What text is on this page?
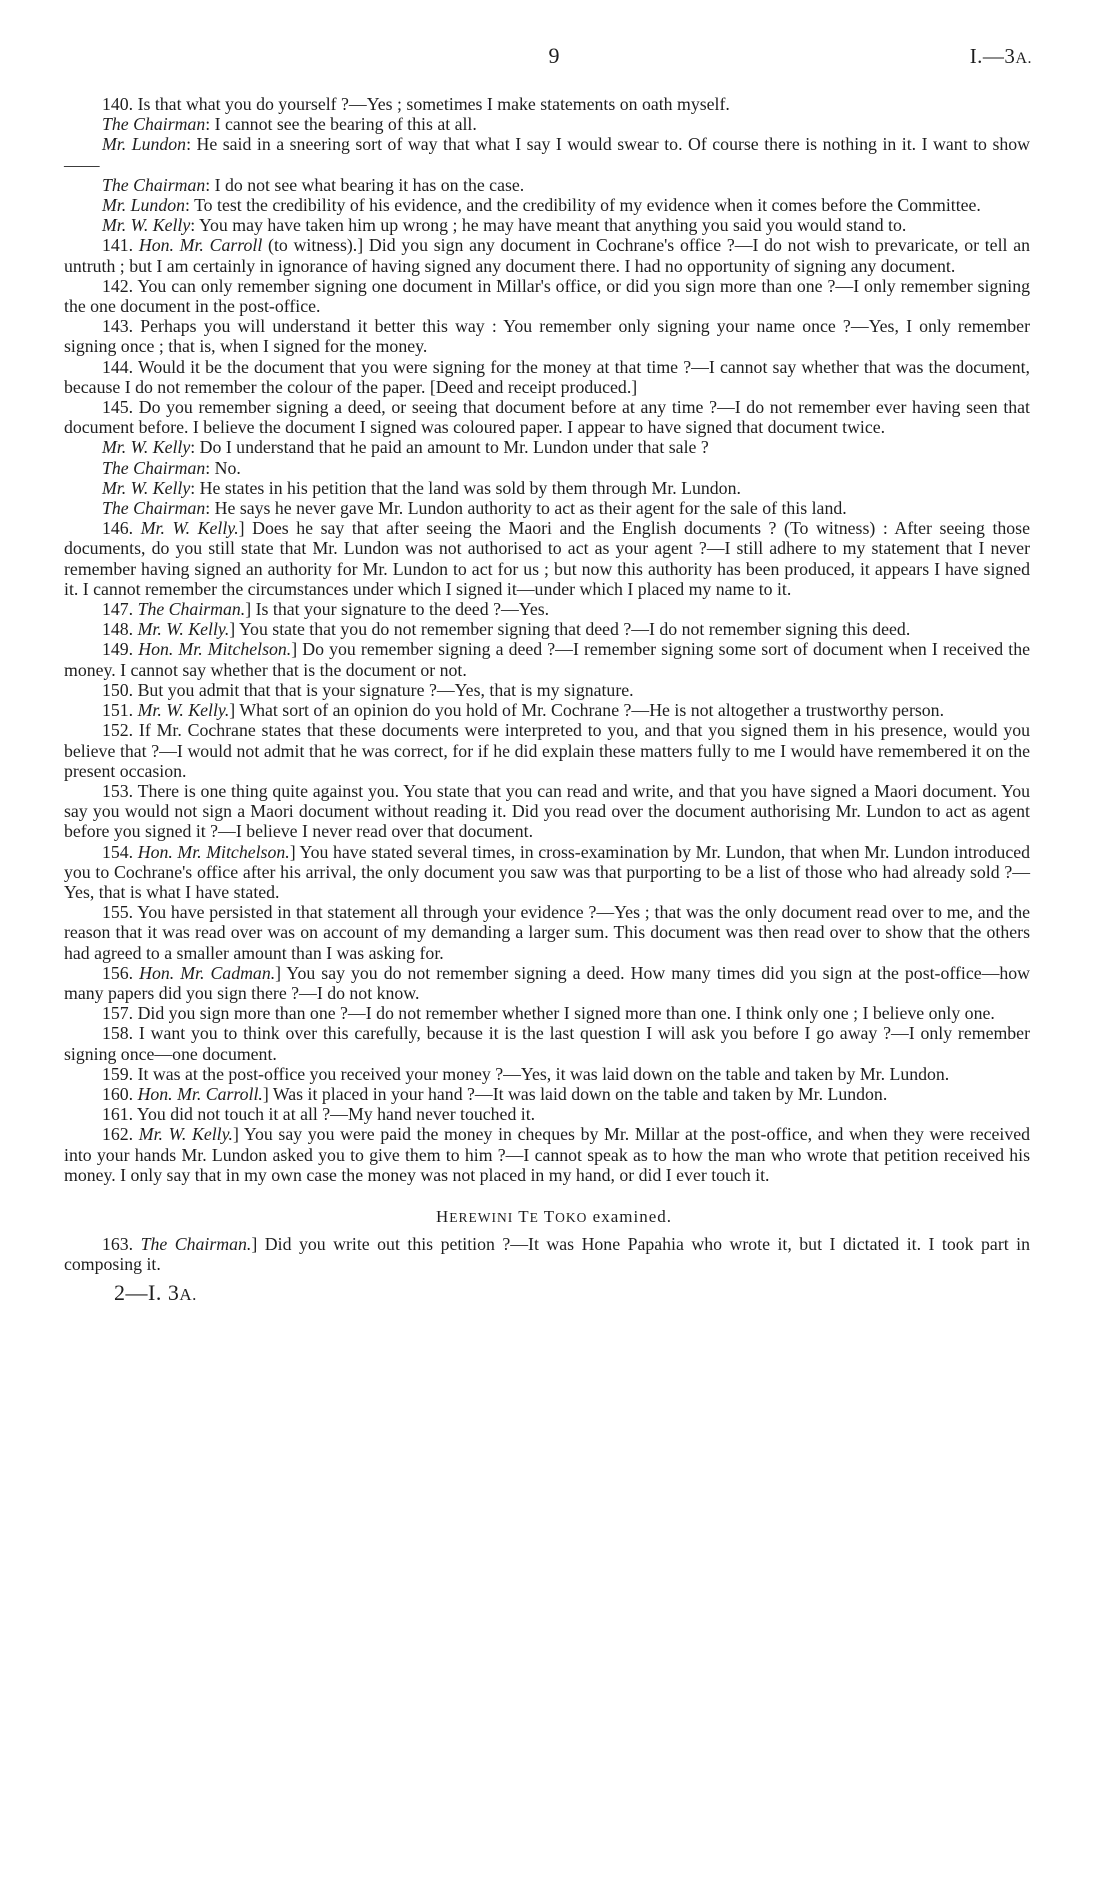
9	I.—3A.

140. Is that what you do yourself ?—Yes ; sometimes I make statements on oath myself.

The Chairman: I cannot see the bearing of this at all.

Mr. Lundon: He said in a sneering sort of way that what I say I would swear to. Of course there is nothing in it. I want to show——

The Chairman: I do not see what bearing it has on the case.

Mr. Lundon: To test the credibility of his evidence, and the credibility of my evidence when it comes before the Committee.

Mr. W. Kelly: You may have taken him up wrong ; he may have meant that anything you said you would stand to.

141. Hon. Mr. Carroll (to witness).] Did you sign any document in Cochrane's office ?—I do not wish to prevaricate, or tell an untruth ; but I am certainly in ignorance of having signed any document there. I had no opportunity of signing any document.

142. You can only remember signing one document in Millar's office, or did you sign more than one ?—I only remember signing the one document in the post-office.

143. Perhaps you will understand it better this way : You remember only signing your name once ?—Yes, I only remember signing once ; that is, when I signed for the money.

144. Would it be the document that you were signing for the money at that time ?—I cannot say whether that was the document, because I do not remember the colour of the paper. [Deed and receipt produced.]

145. Do you remember signing a deed, or seeing that document before at any time ?—I do not remember ever having seen that document before. I believe the document I signed was coloured paper. I appear to have signed that document twice.

Mr. W. Kelly: Do I understand that he paid an amount to Mr. Lundon under that sale ?

The Chairman: No.

Mr. W. Kelly: He states in his petition that the land was sold by them through Mr. Lundon.

The Chairman: He says he never gave Mr. Lundon authority to act as their agent for the sale of this land.

146. Mr. W. Kelly.] Does he say that after seeing the Maori and the English documents ? (To witness) : After seeing those documents, do you still state that Mr. Lundon was not authorised to act as your agent ?—I still adhere to my statement that I never remember having signed an authority for Mr. Lundon to act for us ; but now this authority has been produced, it appears I have signed it. I cannot remember the circumstances under which I signed it—under which I placed my name to it.

147. The Chairman.] Is that your signature to the deed ?—Yes.

148. Mr. W. Kelly.] You state that you do not remember signing that deed ?—I do not remember signing this deed.

149. Hon. Mr. Mitchelson.] Do you remember signing a deed ?—I remember signing some sort of document when I received the money. I cannot say whether that is the document or not.

150. But you admit that that is your signature ?—Yes, that is my signature.

151. Mr. W. Kelly.] What sort of an opinion do you hold of Mr. Cochrane ?—He is not altogether a trustworthy person.

152. If Mr. Cochrane states that these documents were interpreted to you, and that you signed them in his presence, would you believe that ?—I would not admit that he was correct, for if he did explain these matters fully to me I would have remembered it on the present occasion.

153. There is one thing quite against you. You state that you can read and write, and that you have signed a Maori document. You say you would not sign a Maori document without reading it. Did you read over the document authorising Mr. Lundon to act as agent before you signed it ?—I believe I never read over that document.

154. Hon. Mr. Mitchelson.] You have stated several times, in cross-examination by Mr. Lundon, that when Mr. Lundon introduced you to Cochrane's office after his arrival, the only document you saw was that purporting to be a list of those who had already sold ?—Yes, that is what I have stated.

155. You have persisted in that statement all through your evidence ?—Yes ; that was the only document read over to me, and the reason that it was read over was on account of my demanding a larger sum. This document was then read over to show that the others had agreed to a smaller amount than I was asking for.

156. Hon. Mr. Cadman.] You say you do not remember signing a deed. How many times did you sign at the post-office—how many papers did you sign there ?—I do not know.

157. Did you sign more than one ?—I do not remember whether I signed more than one. I think only one ; I believe only one.

158. I want you to think over this carefully, because it is the last question I will ask you before I go away ?—I only remember signing once—one document.

159. It was at the post-office you received your money ?—Yes, it was laid down on the table and taken by Mr. Lundon.

160. Hon. Mr. Carroll.] Was it placed in your hand ?—It was laid down on the table and taken by Mr. Lundon.

161. You did not touch it at all ?—My hand never touched it.

162. Mr. W. Kelly.] You say you were paid the money in cheques by Mr. Millar at the post-office, and when they were received into your hands Mr. Lundon asked you to give them to him ?—I cannot speak as to how the man who wrote that petition received his money. I only say that in my own case the money was not placed in my hand, or did I ever touch it.

HEREWINI TE TOKO examined.

163. The Chairman.] Did you write out this petition ?—It was Hone Papahia who wrote it, but I dictated it. I took part in composing it.

2—I. 3A.
